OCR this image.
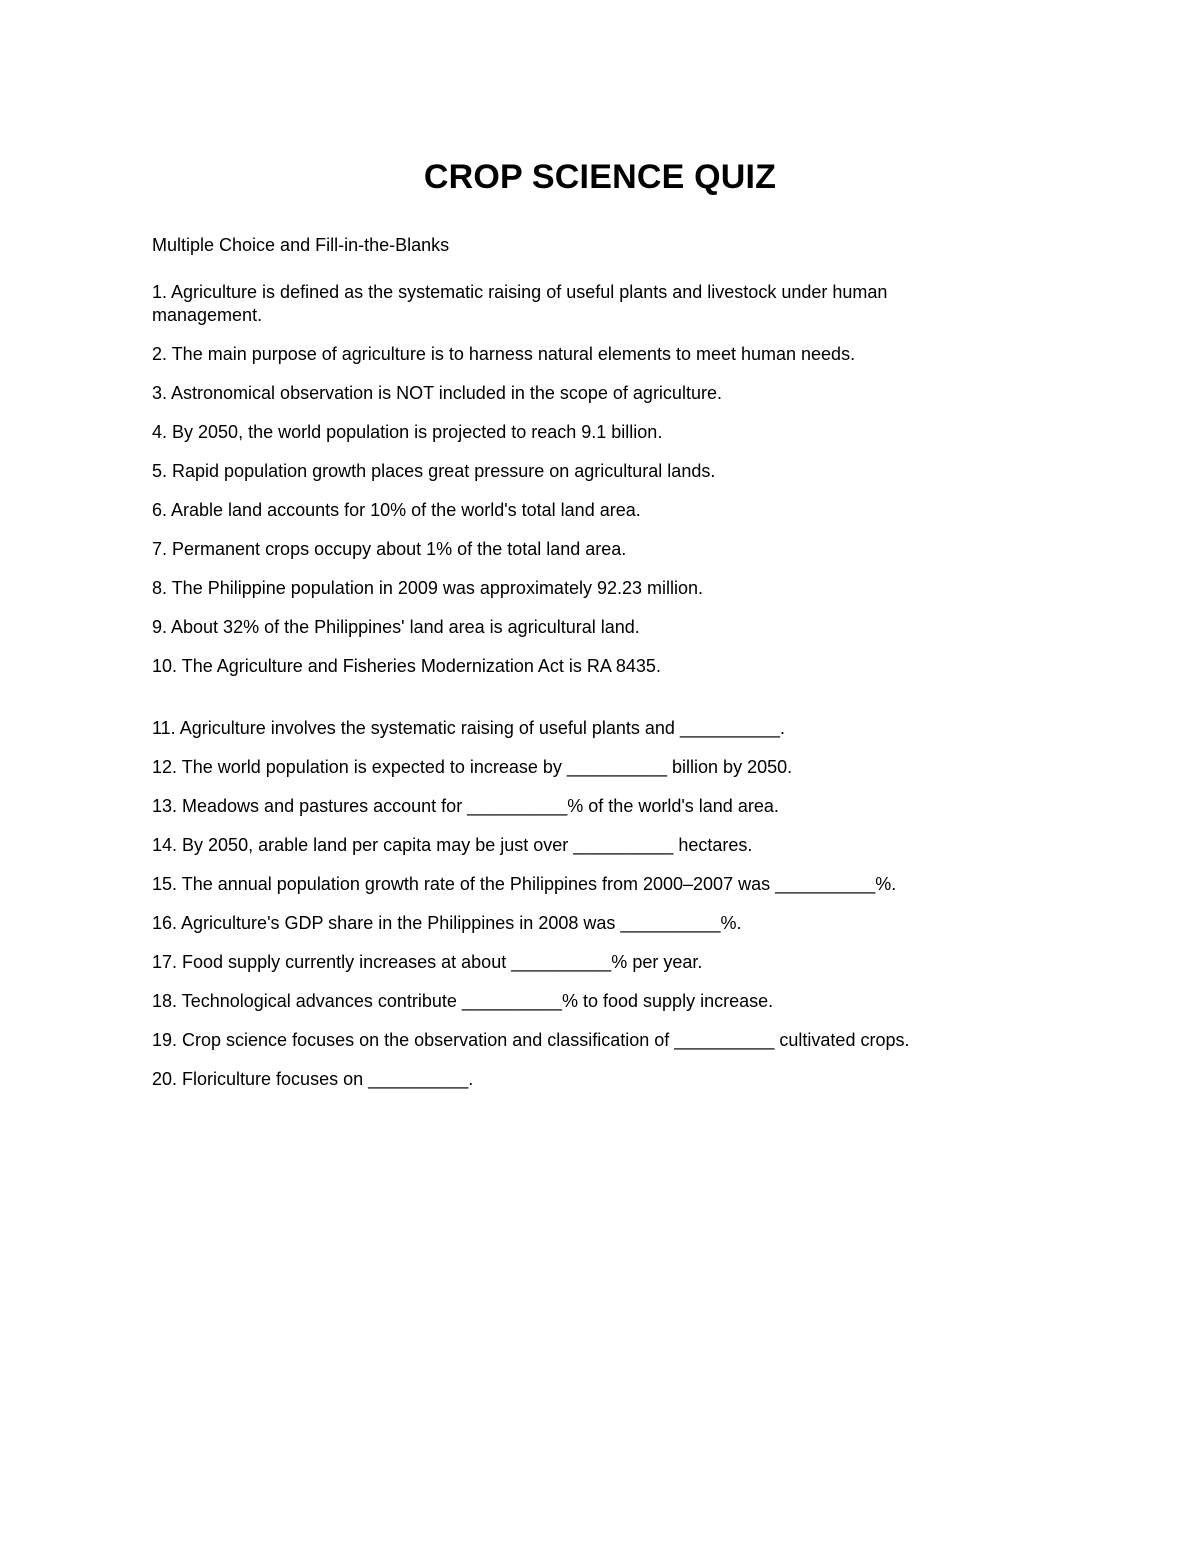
CROP SCIENCE QUIZ
Multiple Choice and Fill-in-the-Blanks

1. Agriculture is defined as the systematic raising of useful plants and livestock under human management.

2. The main purpose of agriculture is to harness natural elements to meet human needs.

3. Astronomical observation is NOT included in the scope of agriculture.

4. By 2050, the world population is projected to reach 9.1 billion.

5. Rapid population growth places great pressure on agricultural lands.

6. Arable land accounts for 10% of the world's total land area.

7. Permanent crops occupy about 1% of the total land area.

8. The Philippine population in 2009 was approximately 92.23 million.

9. About 32% of the Philippines' land area is agricultural land.

10. The Agriculture and Fisheries Modernization Act is RA 8435.

11. Agriculture involves the systematic raising of useful plants and __________.

12. The world population is expected to increase by __________ billion by 2050.

13. Meadows and pastures account for __________% of the world's land area.

14. By 2050, arable land per capita may be just over __________ hectares.

15. The annual population growth rate of the Philippines from 2000–2007 was __________%.

16. Agriculture's GDP share in the Philippines in 2008 was __________%.

17. Food supply currently increases at about __________% per year.

18. Technological advances contribute __________% to food supply increase.

19. Crop science focuses on the observation and classification of __________ cultivated crops.

20. Floriculture focuses on __________.
